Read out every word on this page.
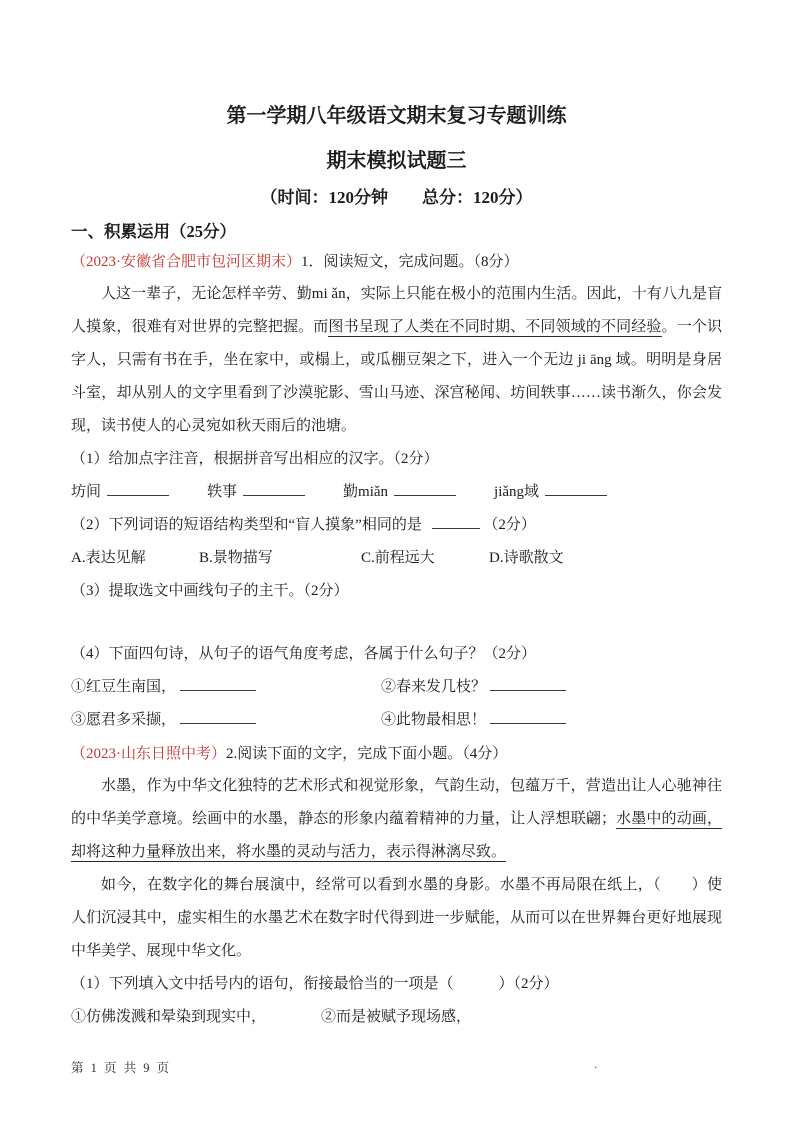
第一学期八年级语文期末复习专题训练
期末模拟试题三
（时间：120分钟　　总分：120分）
一、积累运用（25分）
（2023·安徽省合肥市包河区期末）1．阅读短文，完成问题。（8分）

人这一辈子，无论怎样辛劳、勤mi ǎn，实际上只能在极小的范围内生活。因此，十有八九是盲人摸象，很难有对世界的完整把握。而图书呈现了人类在不同时期、不同领域的不同经验。一个识字人，只需有书在手，坐在家中，或榻上，或瓜棚豆架之下，进入一个无边 ji āng 域。明明是身居斗室，却从别人的文字里看到了沙漠驼影、雪山马迹、深宫秘闻、坊间轶事……读书渐久，你会发现，读书使人的心灵宛如秋天雨后的池塘。

（1）给加点字注音，根据拼音写出相应的汉字。（2分）

坊间	轶事	勤miǎn	jiǎng域

（2）下列词语的短语结构类型和“盲人摸象”相同的是	（2分）

A.表达见解	B.景物描写	C.前程远大	D.诗歌散文

（3）提取选文中画线句子的主干。（2分）

（4）下面四句诗，从句子的语气角度考虑，各属于什么句子？（2分）

①红豆生南国，	②春来发几枝？
③愿君多采撷，	④此物最相思！
（2023·山东日照中考）2.阅读下面的文字，完成下面小题。（4分）

水墨，作为中华文化独特的艺术形式和视觉形象，气韵生动，包蕴万千，营造出让人心驰神往的中华美学意境。绘画中的水墨，静态的形象内蕴着精神的力量，让人浮想联翩；水墨中的动画，却将这种力量释放出来，将水墨的灵动与活力，表示得淋漓尽致。

如今，在数字化的舞台展演中，经常可以看到水墨的身影。水墨不再局限在纸上，（　　）使人们沉浸其中，虚实相生的水墨艺术在数字时代得到进一步赋能，从而可以在世界舞台更好地展现中华美学、展现中华文化。

（1）下列填入文中括号内的语句，衔接最恰当的一项是（　　　）（2分）

①仿佛泼溅和晕染到现实中，	②而是被赋予现场感，
第 1 页 共 9 页	.
